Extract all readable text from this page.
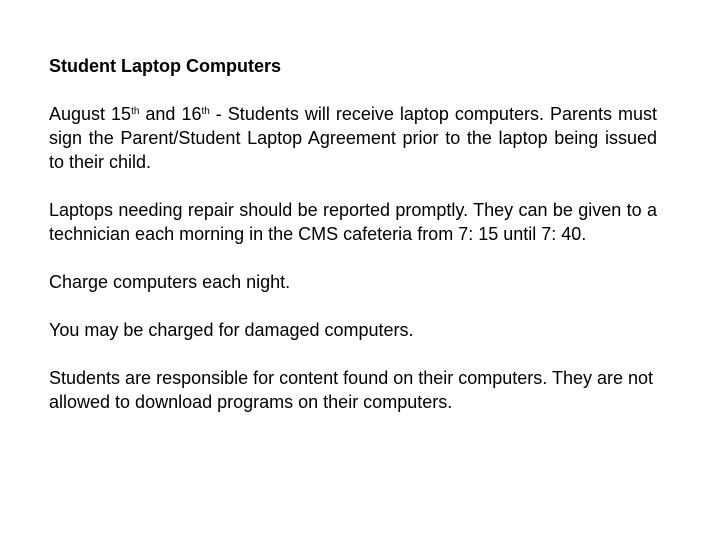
Student Laptop Computers
August 15th and 16th - Students will receive laptop computers. Parents must sign the Parent/Student Laptop Agreement prior to the laptop being issued to their child.
Laptops needing repair should be reported promptly. They can be given to a technician each morning in the CMS cafeteria from 7: 15 until 7: 40.
Charge computers each night.
You may be charged for damaged computers.
Students are responsible for content found on their computers. They are not allowed to download programs on their computers.
